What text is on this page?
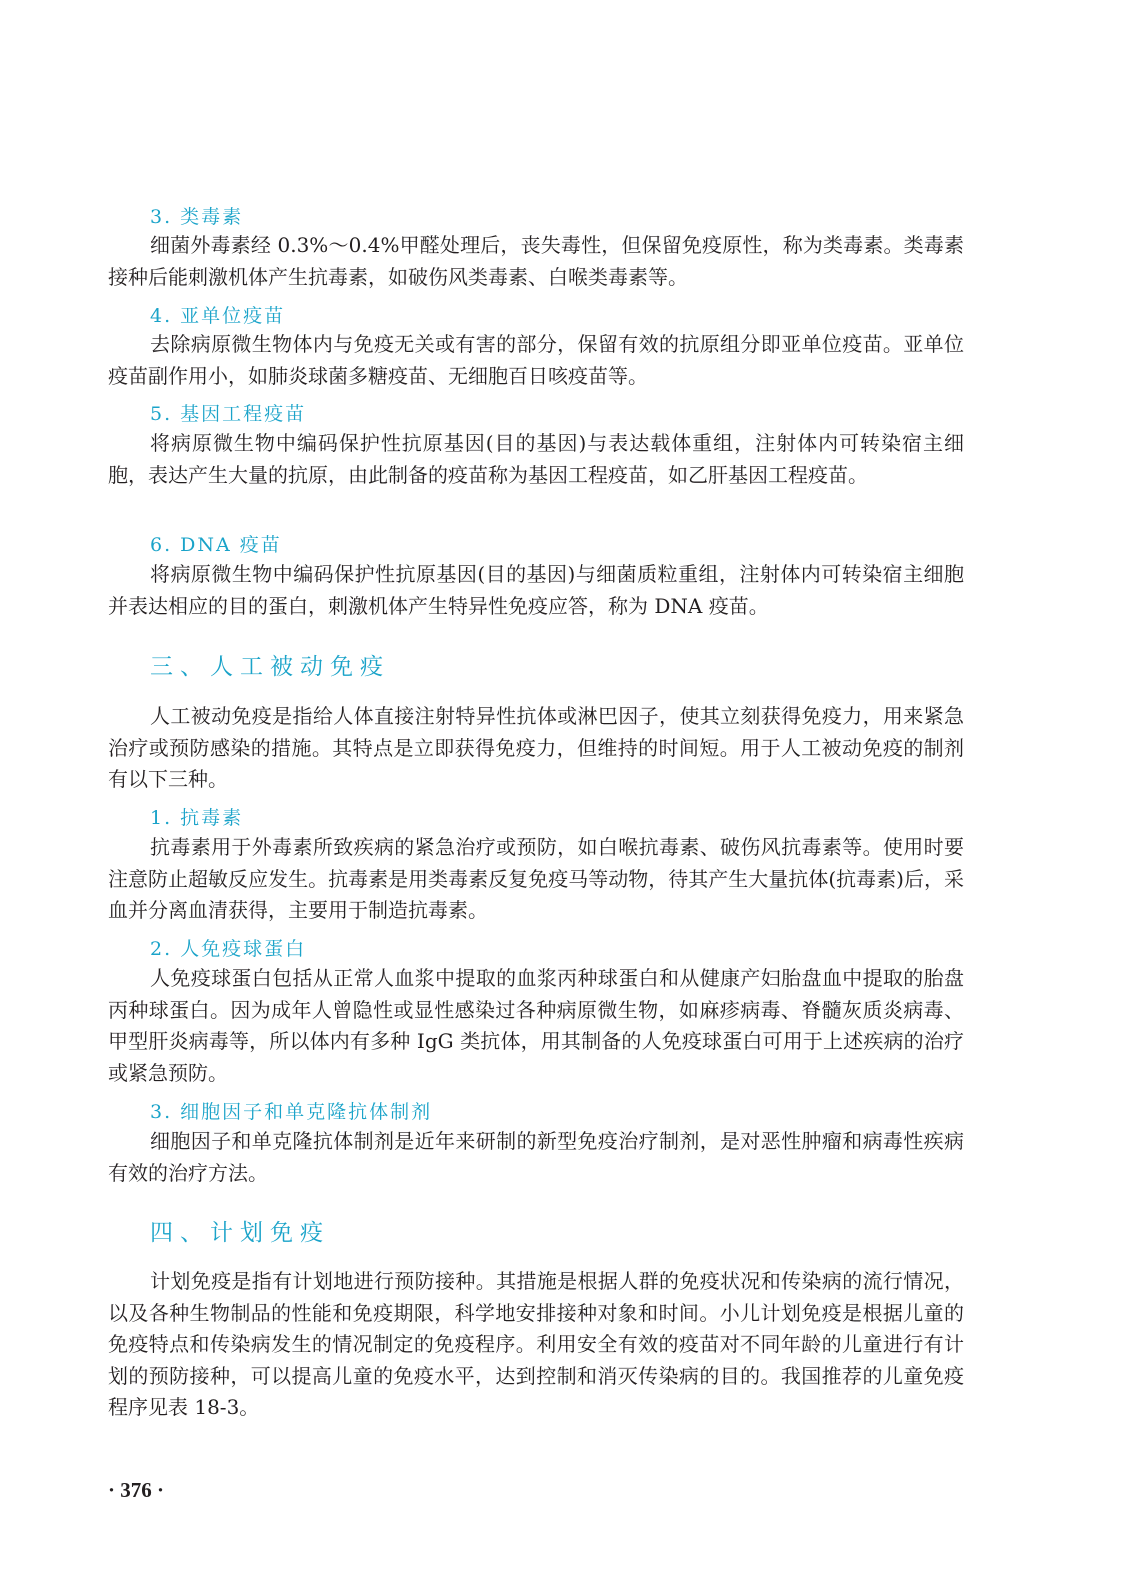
3. 类毒素

细菌外毒素经 0.3%～0.4%甲醛处理后，丧失毒性，但保留免疫原性，称为类毒素。类毒素接种后能刺激机体产生抗毒素，如破伤风类毒素、白喉类毒素等。

4. 亚单位疫苗

去除病原微生物体内与免疫无关或有害的部分，保留有效的抗原组分即亚单位疫苗。亚单位疫苗副作用小，如肺炎球菌多糖疫苗、无细胞百日咳疫苗等。

5. 基因工程疫苗

将病原微生物中编码保护性抗原基因(目的基因)与表达载体重组，注射体内可转染宿主细胞，表达产生大量的抗原，由此制备的疫苗称为基因工程疫苗，如乙肝基因工程疫苗。

6. DNA 疫苗

将病原微生物中编码保护性抗原基因(目的基因)与细菌质粒重组，注射体内可转染宿主细胞并表达相应的目的蛋白，刺激机体产生特异性免疫应答，称为 DNA 疫苗。

三、人工被动免疫

人工被动免疫是指给人体直接注射特异性抗体或淋巴因子，使其立刻获得免疫力，用来紧急治疗或预防感染的措施。其特点是立即获得免疫力，但维持的时间短。用于人工被动免疫的制剂有以下三种。

1. 抗毒素

抗毒素用于外毒素所致疾病的紧急治疗或预防，如白喉抗毒素、破伤风抗毒素等。使用时要注意防止超敏反应发生。抗毒素是用类毒素反复免疫马等动物，待其产生大量抗体(抗毒素)后，采血并分离血清获得，主要用于制造抗毒素。

2. 人免疫球蛋白

人免疫球蛋白包括从正常人血浆中提取的血浆丙种球蛋白和从健康产妇胎盘血中提取的胎盘丙种球蛋白。因为成年人曾隐性或显性感染过各种病原微生物，如麻疹病毒、脊髓灰质炎病毒、甲型肝炎病毒等，所以体内有多种 IgG 类抗体，用其制备的人免疫球蛋白可用于上述疾病的治疗或紧急预防。

3. 细胞因子和单克隆抗体制剂

细胞因子和单克隆抗体制剂是近年来研制的新型免疫治疗制剂，是对恶性肿瘤和病毒性疾病有效的治疗方法。

四、计划免疫

计划免疫是指有计划地进行预防接种。其措施是根据人群的免疫状况和传染病的流行情况，以及各种生物制品的性能和免疫期限，科学地安排接种对象和时间。小儿计划免疫是根据儿童的免疫特点和传染病发生的情况制定的免疫程序。利用安全有效的疫苗对不同年龄的儿童进行有计划的预防接种，可以提高儿童的免疫水平，达到控制和消灭传染病的目的。我国推荐的儿童免疫程序见表 18-3。

· 376 ·
